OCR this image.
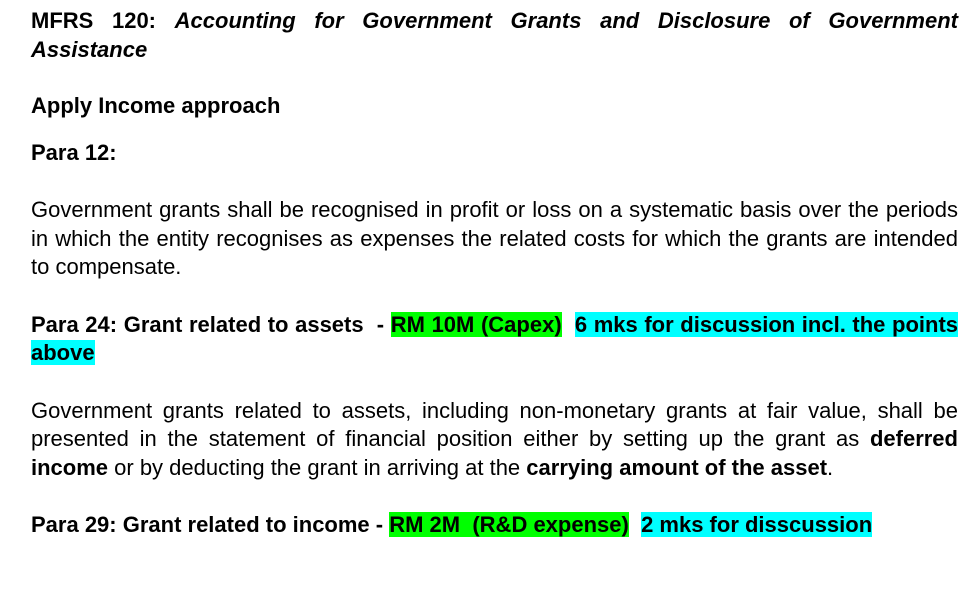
MFRS 120: Accounting for Government Grants and Disclosure of Government Assistance

Apply Income approach

Para 12:

Government grants shall be recognised in profit or loss on a systematic basis over the periods in which the entity recognises as expenses the related costs for which the grants are intended to compensate.

Para 24: Grant related to assets  - RM 10M (Capex) 6 mks for discussion incl. the points above

Government grants related to assets, including non-monetary grants at fair value, shall be presented in the statement of financial position either by setting up the grant as deferred income or by deducting the grant in arriving at the carrying amount of the asset.

Para 29: Grant related to income - RM 2M  (R&D expense) 2 mks for disscussion
